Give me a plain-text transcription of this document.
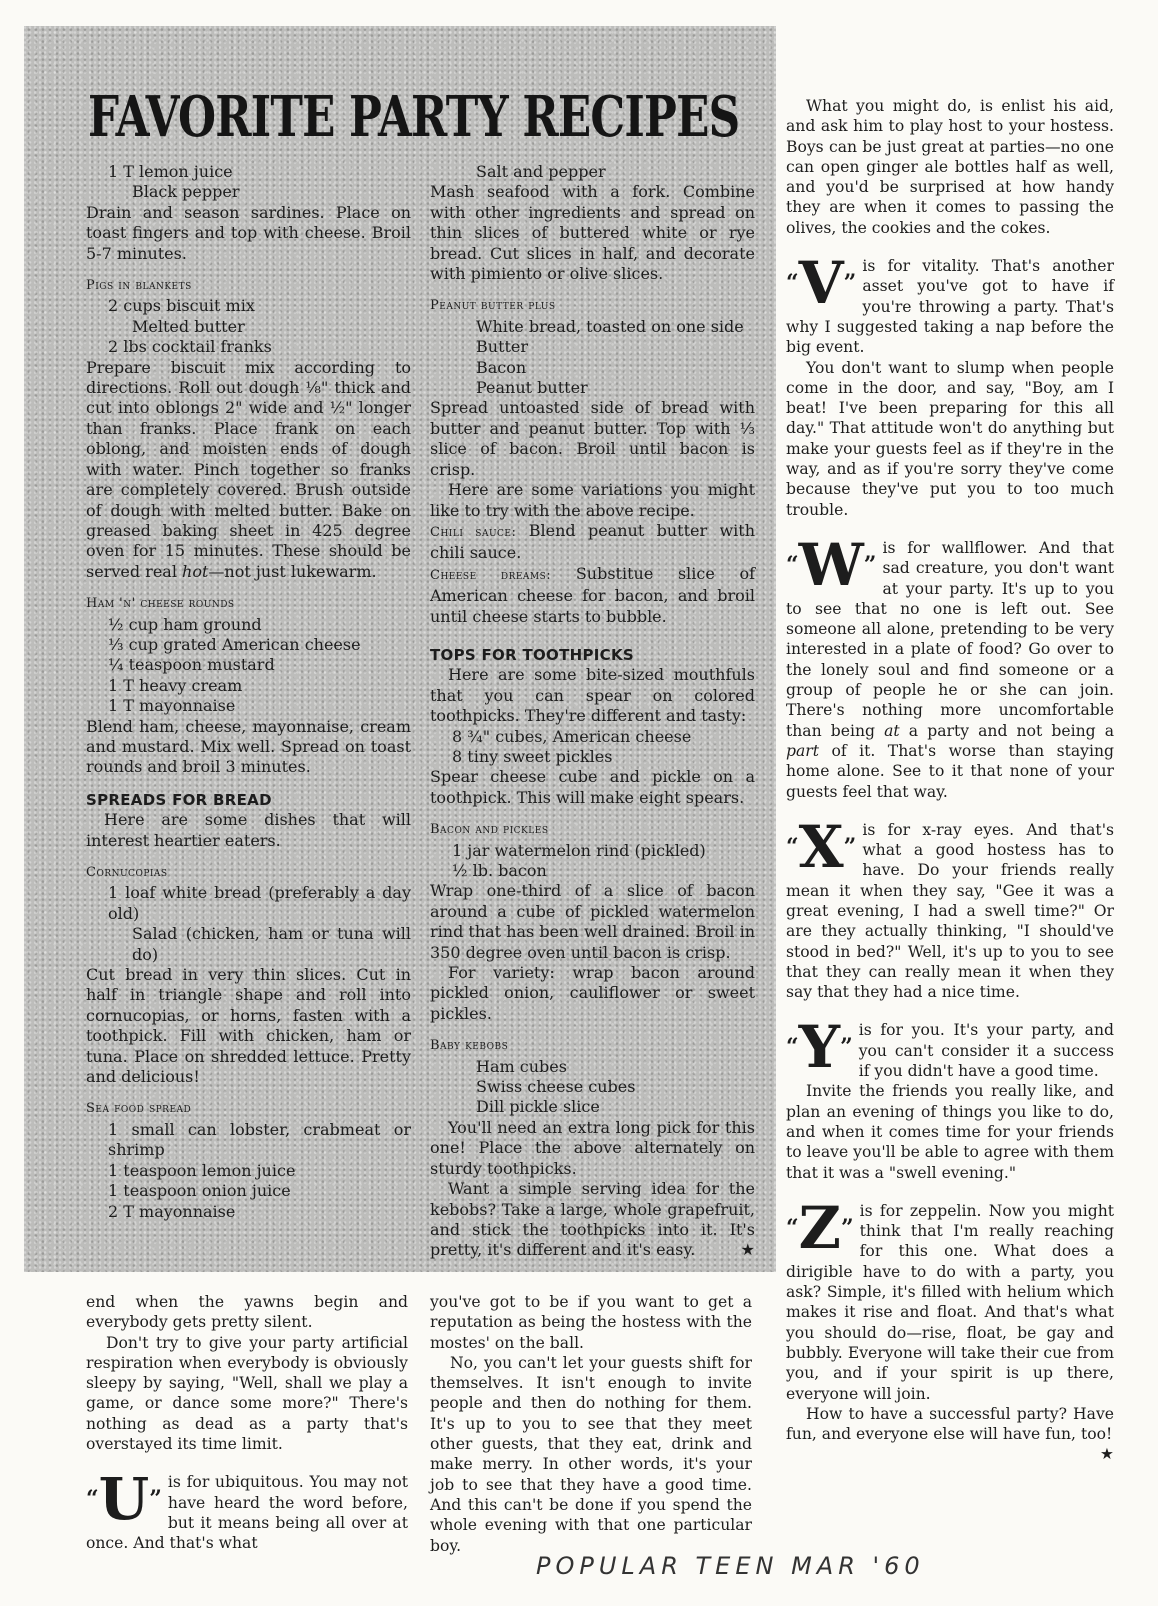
FAVORITE PARTY RECIPES

1 T lemon juice

Black pepper

Drain and season sardines. Place on toast fingers and top with cheese. Broil 5-7 minutes.

Pigs in blankets

2 cups biscuit mix

Melted butter

2 lbs cocktail franks

Prepare biscuit mix according to directions. Roll out dough ⅛" thick and cut into oblongs 2" wide and ½" longer than franks. Place frank on each oblong, and moisten ends of dough with water. Pinch together so franks are completely covered. Brush outside of dough with melted butter. Bake on greased baking sheet in 425 degree oven for 15 minutes. These should be served real hot—not just lukewarm.

Ham 'n' cheese rounds

½ cup ham ground

⅓ cup grated American cheese

¼ teaspoon mustard

1 T heavy cream

1 T mayonnaise

Blend ham, cheese, mayonnaise, cream and mustard. Mix well. Spread on toast rounds and broil 3 minutes.

SPREADS FOR BREAD

Here are some dishes that will interest heartier eaters.

Cornucopias

1 loaf white bread (preferably a day old)

Salad (chicken, ham or tuna will do)

Cut bread in very thin slices. Cut in half in triangle shape and roll into cornucopias, or horns, fasten with a toothpick. Fill with chicken, ham or tuna. Place on shredded lettuce. Pretty and delicious!

Sea food spread

1 small can lobster, crabmeat or shrimp

1 teaspoon lemon juice

1 teaspoon onion juice

2 T mayonnaise

Salt and pepper

Mash seafood with a fork. Combine with other ingredients and spread on thin slices of buttered white or rye bread. Cut slices in half, and decorate with pimiento or olive slices.

Peanut butter plus

White bread, toasted on one side

Butter

Bacon

Peanut butter

Spread untoasted side of bread with butter and peanut butter. Top with ⅓ slice of bacon. Broil until bacon is crisp.

Here are some variations you might like to try with the above recipe.

Chili sauce: Blend peanut butter with chili sauce.

Cheese dreams: Substitue slice of American cheese for bacon, and broil until cheese starts to bubble.

TOPS FOR TOOTHPICKS

Here are some bite-sized mouthfuls that you can spear on colored toothpicks. They're different and tasty:

8 ¾" cubes, American cheese

8 tiny sweet pickles

Spear cheese cube and pickle on a toothpick. This will make eight spears.

Bacon and pickles

1 jar watermelon rind (pickled)

½ lb. bacon

Wrap one-third of a slice of bacon around a cube of pickled watermelon rind that has been well drained. Broil in 350 degree oven until bacon is crisp.

For variety: wrap bacon around pickled onion, cauliflower or sweet pickles.

Baby kebobs

Ham cubes

Swiss cheese cubes

Dill pickle slice

You'll need an extra long pick for this one! Place the above alternately on sturdy toothpicks.

Want a simple serving idea for the kebobs? Take a large, whole grapefruit, and stick the toothpicks into it. It's pretty, it's different and it's easy.	★

end when the yawns begin and everybody gets pretty silent.

Don't try to give your party artificial respiration when everybody is obviously sleepy by saying, "Well, shall we play a game, or dance some more?" There's nothing as dead as a party that's overstayed its time limit.

“U”
is for ubiquitous. You may not have heard the word before, but it means being all over at once. And that's what

you've got to be if you want to get a reputation as being the hostess with the mostes' on the ball.

No, you can't let your guests shift for themselves. It isn't enough to invite people and then do nothing for them. It's up to you to see that they meet other guests, that they eat, drink and make merry. In other words, it's your job to see that they have a good time. And this can't be done if you spend the whole evening with that one particular boy.

What you might do, is enlist his aid, and ask him to play host to your hostess. Boys can be just great at parties—no one can open ginger ale bottles half as well, and you'd be surprised at how handy they are when it comes to passing the olives, the cookies and the cokes.

“V”
is for vitality. That's another asset you've got to have if you're throwing a party. That's why I suggested taking a nap before the big event.

You don't want to slump when people come in the door, and say, "Boy, am I beat! I've been preparing for this all day." That attitude won't do anything but make your guests feel as if they're in the way, and as if you're sorry they've come because they've put you to too much trouble.

“W”
is for wallflower. And that sad creature, you don't want at your party. It's up to you to see that no one is left out. See someone all alone, pretending to be very interested in a plate of food? Go over to the lonely soul and find someone or a group of people he or she can join. There's nothing more uncomfortable than being at a party and not being a part of it. That's worse than staying home alone. See to it that none of your guests feel that way.

“X”
is for x-ray eyes. And that's what a good hostess has to have. Do your friends really mean it when they say, "Gee it was a great evening, I had a swell time?" Or are they actually thinking, "I should've stood in bed?" Well, it's up to you to see that they can really mean it when they say that they had a nice time.

“Y”
is for you. It's your party, and you can't consider it a success if you didn't have a good time.

Invite the friends you really like, and plan an evening of things you like to do, and when it comes time for your friends to leave you'll be able to agree with them that it was a "swell evening."

“Z”
is for zeppelin. Now you might think that I'm really reaching for this one. What does a dirigible have to do with a party, you ask? Simple, it's filled with helium which makes it rise and float. And that's what you should do—rise, float, be gay and bubbly. Everyone will take their cue from you, and if your spirit is up there, everyone will join.

How to have a successful party? Have fun, and everyone else will have fun, too!
★

POPULAR TEEN MAR '60
